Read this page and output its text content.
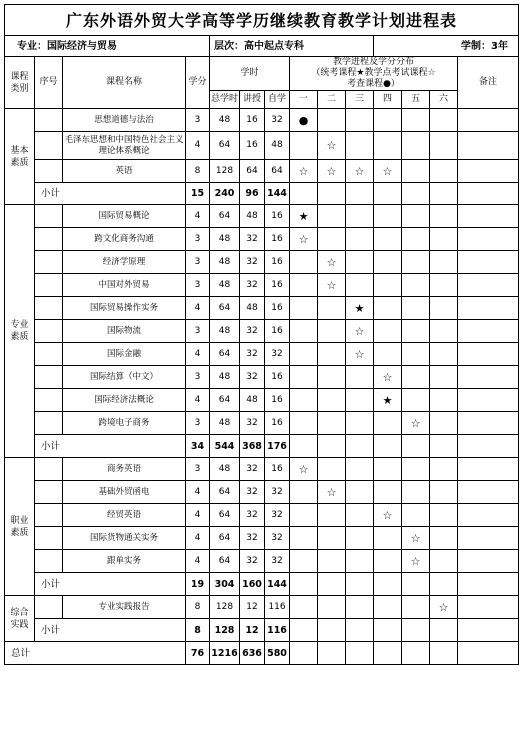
广东外语外贸大学高等学历继续教育教学计划进程表													
专业：国际经济与贸易				层次：高中起点专科						学制：3年			
课程
类别	序号	课程名称	学分	学时			教学进程及学分分布
（统考课程★教学点考试课程☆
考查课程●）						备注
				总学时	讲授	自学	一	二	三	四	五	六	
基本
素质		思想道德与法治	3	48	16	32	●						
		毛泽东思想和中国特色社会主义理论体系概论	4	64	16	48		☆					
		英语	8	128	64	64	☆	☆	☆	☆			
	小计		15	240	96	144							
专业
素质		国际贸易概论	4	64	48	16	★						
		跨文化商务沟通	3	48	32	16	☆						
		经济学原理	3	48	32	16		☆					
		中国对外贸易	3	48	32	16		☆					
		国际贸易操作实务	4	64	48	16			★				
		国际物流	3	48	32	16			☆				
		国际金融	4	64	32	32			☆				
		国际结算（中文）	3	48	32	16				☆			
		国际经济法概论	4	64	48	16				★			
		跨境电子商务	3	48	32	16					☆		
	小计		34	544	368	176							
职业
素质		商务英语	3	48	32	16	☆						
		基础外贸函电	4	64	32	32		☆					
		经贸英语	4	64	32	32				☆			
		国际货物通关实务	4	64	32	32					☆		
		跟单实务	4	64	32	32					☆		
	小计		19	304	160	144							
综合
实践		专业实践报告	8	128	12	116						☆	
	小计		8	128	12	116							
总计			76	1216	636	580							
